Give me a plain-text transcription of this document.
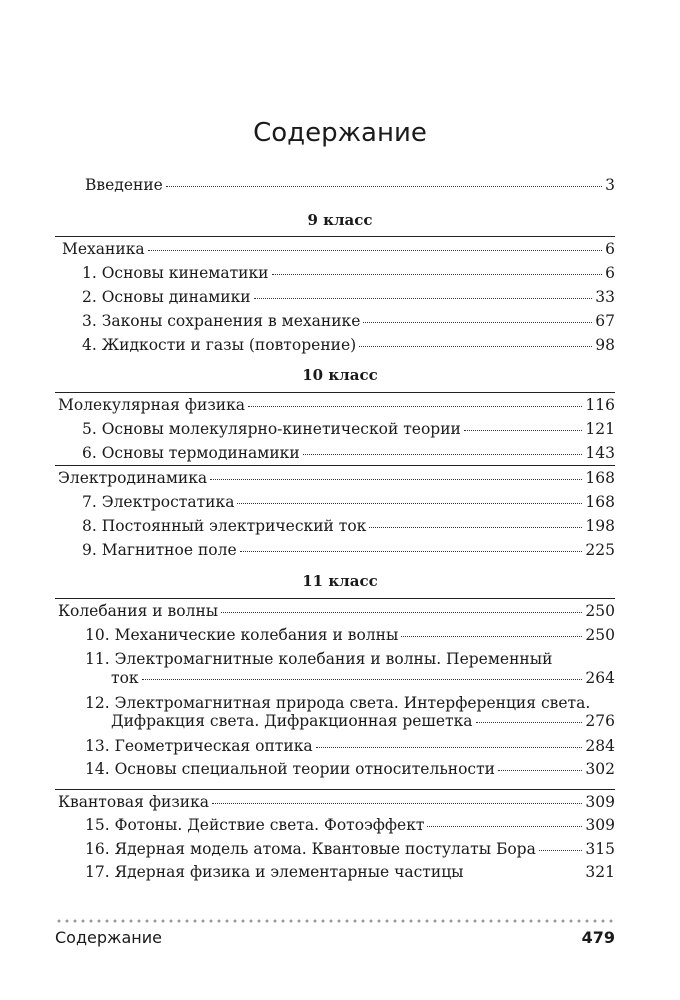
Содержание
Введение	3
9 класс
Механика	6
1. Основы кинематики	6
2. Основы динамики	33
3. Законы сохранения в механике	67
4. Жидкости и газы (повторение)	98
10 класс
Молекулярная физика	116
5. Основы молекулярно-кинетической теории	121
6. Основы термодинамики	143
Электродинамика	168
7. Электростатика	168
8. Постоянный электрический ток	198
9. Магнитное поле	225
11 класс
Колебания и волны	250
10. Механические колебания и волны	250
11. Электромагнитные колебания и волны. Переменный
ток	264
12. Электромагнитная природа света. Интерференция света.
Дифракция света. Дифракционная решетка	276
13. Геометрическая оптика	284
14. Основы специальной теории относительности	302
Квантовая физика	309
15. Фотоны. Действие света. Фотоэффект	309
16. Ядерная модель атома. Квантовые постулаты Бора	315
17. Ядерная физика и элементарные частицы	321
Содержание	479
